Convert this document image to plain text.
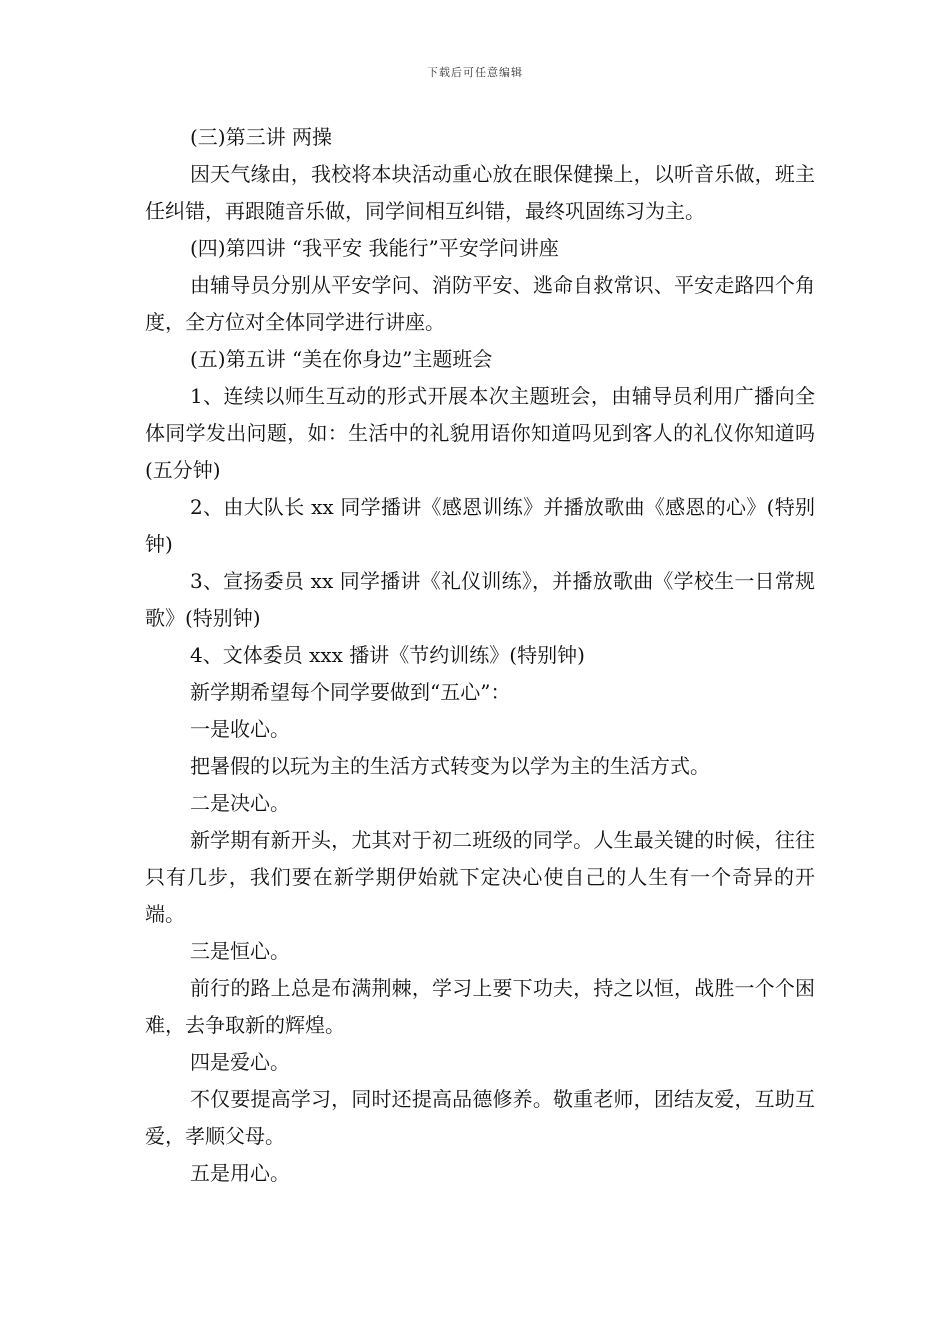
下载后可任意编辑

(三)第三讲 两操

因天气缘由，我校将本块活动重心放在眼保健操上，以听音乐做，班主任纠错，再跟随音乐做，同学间相互纠错，最终巩固练习为主。

(四)第四讲 “我平安 我能行”平安学问讲座

由辅导员分别从平安学问、消防平安、逃命自救常识、平安走路四个角度，全方位对全体同学进行讲座。

(五)第五讲 “美在你身边”主题班会

1、连续以师生互动的形式开展本次主题班会，由辅导员利用广播向全体同学发出问题，如：生活中的礼貌用语你知道吗见到客人的礼仪你知道吗(五分钟)

2、由大队长 xx 同学播讲《感恩训练》并播放歌曲《感恩的心》(特别钟)

3、宣扬委员 xx 同学播讲《礼仪训练》，并播放歌曲《学校生一日常规歌》(特别钟)

4、文体委员 xxx 播讲《节约训练》(特别钟)

新学期希望每个同学要做到“五心”：

一是收心。

把暑假的以玩为主的生活方式转变为以学为主的生活方式。

二是决心。

新学期有新开头，尤其对于初二班级的同学。人生最关键的时候，往往只有几步，我们要在新学期伊始就下定决心使自己的人生有一个奇异的开端。

三是恒心。

前行的路上总是布满荆棘，学习上要下功夫，持之以恒，战胜一个个困难，去争取新的辉煌。

四是爱心。

不仅要提高学习，同时还提高品德修养。敬重老师，团结友爱，互助互爱，孝顺父母。

五是用心。
